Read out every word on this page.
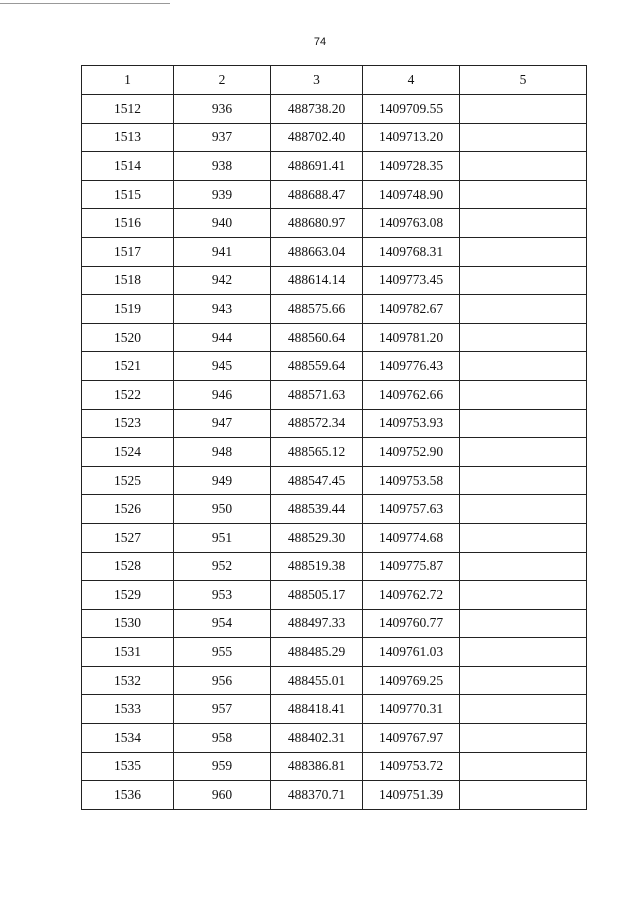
74
1	2	3	4	5
1512	936	488738.20	1409709.55	
1513	937	488702.40	1409713.20	
1514	938	488691.41	1409728.35	
1515	939	488688.47	1409748.90	
1516	940	488680.97	1409763.08	
1517	941	488663.04	1409768.31	
1518	942	488614.14	1409773.45	
1519	943	488575.66	1409782.67	
1520	944	488560.64	1409781.20	
1521	945	488559.64	1409776.43	
1522	946	488571.63	1409762.66	
1523	947	488572.34	1409753.93	
1524	948	488565.12	1409752.90	
1525	949	488547.45	1409753.58	
1526	950	488539.44	1409757.63	
1527	951	488529.30	1409774.68	
1528	952	488519.38	1409775.87	
1529	953	488505.17	1409762.72	
1530	954	488497.33	1409760.77	
1531	955	488485.29	1409761.03	
1532	956	488455.01	1409769.25	
1533	957	488418.41	1409770.31	
1534	958	488402.31	1409767.97	
1535	959	488386.81	1409753.72	
1536	960	488370.71	1409751.39	
